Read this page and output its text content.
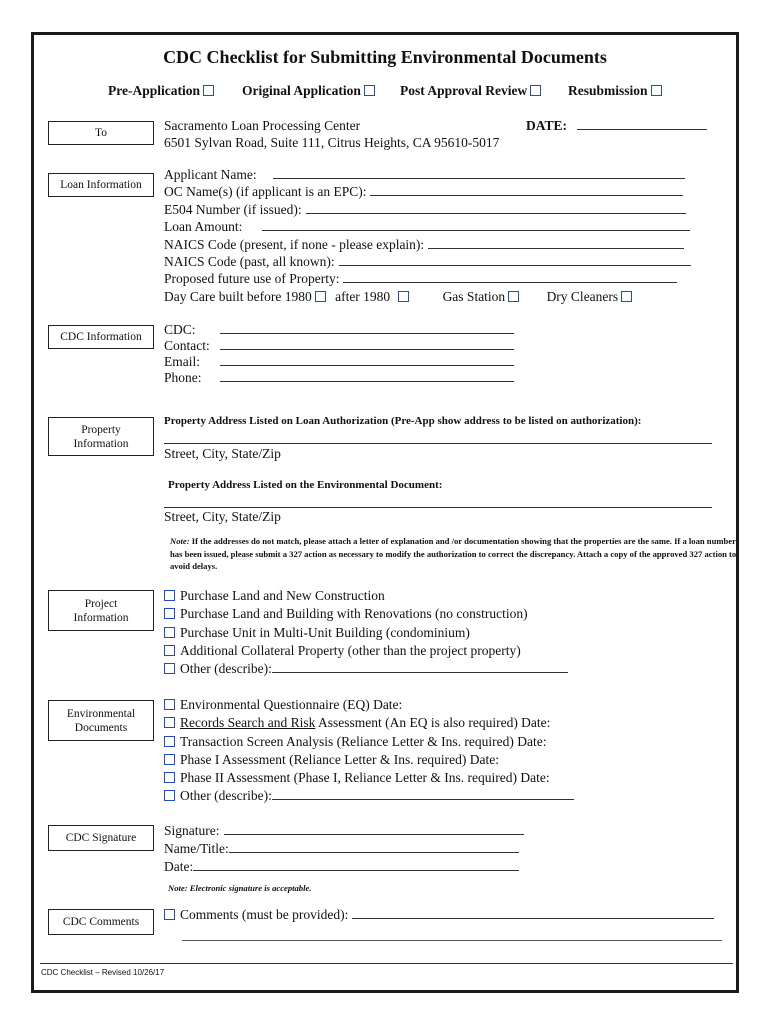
CDC Checklist for Submitting Environmental Documents
Pre-Application	Original Application	Post Approval Review	Resubmission
To	Sacramento Loan Processing Center
6501 Sylvan Road, Suite 111, Citrus Heights, CA 95610-5017
DATE:
Loan Information
Applicant Name:
OC Name(s) (if applicant is an EPC):
E504 Number (if issued):
Loan Amount:
NAICS Code (present, if none - please explain):
NAICS Code (past, all known):
Proposed future use of Property:
Day Care built before 1980 after 1980	Gas Station	Dry Cleaners
CDC Information	CDC:
Contact:
Email:
Phone:
Property
Information
Property Address Listed on Loan Authorization (Pre-App show address to be listed on authorization):
Street, City, State/Zip
Property Address Listed on the Environmental Document:
Street, City, State/Zip
Note: If the addresses do not match, please attach a letter of explanation and /or documentation showing that the properties are the same. If a loan number has been issued, please submit a 327 action as necessary to modify the authorization to correct the discrepancy. Attach a copy of the approved 327 action to avoid delays.
Project
Information
Purchase Land and New Construction
Purchase Land and Building with Renovations (no construction)
Purchase Unit in Multi-Unit Building (condominium)
Additional Collateral Property (other than the project property)
Other (describe):
Environmental
Documents
Environmental Questionnaire (EQ) Date:
Records Search and Risk Assessment (An EQ is also required) Date:
Transaction Screen Analysis (Reliance Letter & Ins. required) Date:
Phase I Assessment (Reliance Letter & Ins. required) Date:
Phase II Assessment (Phase I, Reliance Letter & Ins. required) Date:
Other (describe):
CDC Signature	Signature:
Name/Title:
Date:
Note: Electronic signature is acceptable.
CDC Comments	Comments (must be provided):
CDC Checklist – Revised 10/26/17
